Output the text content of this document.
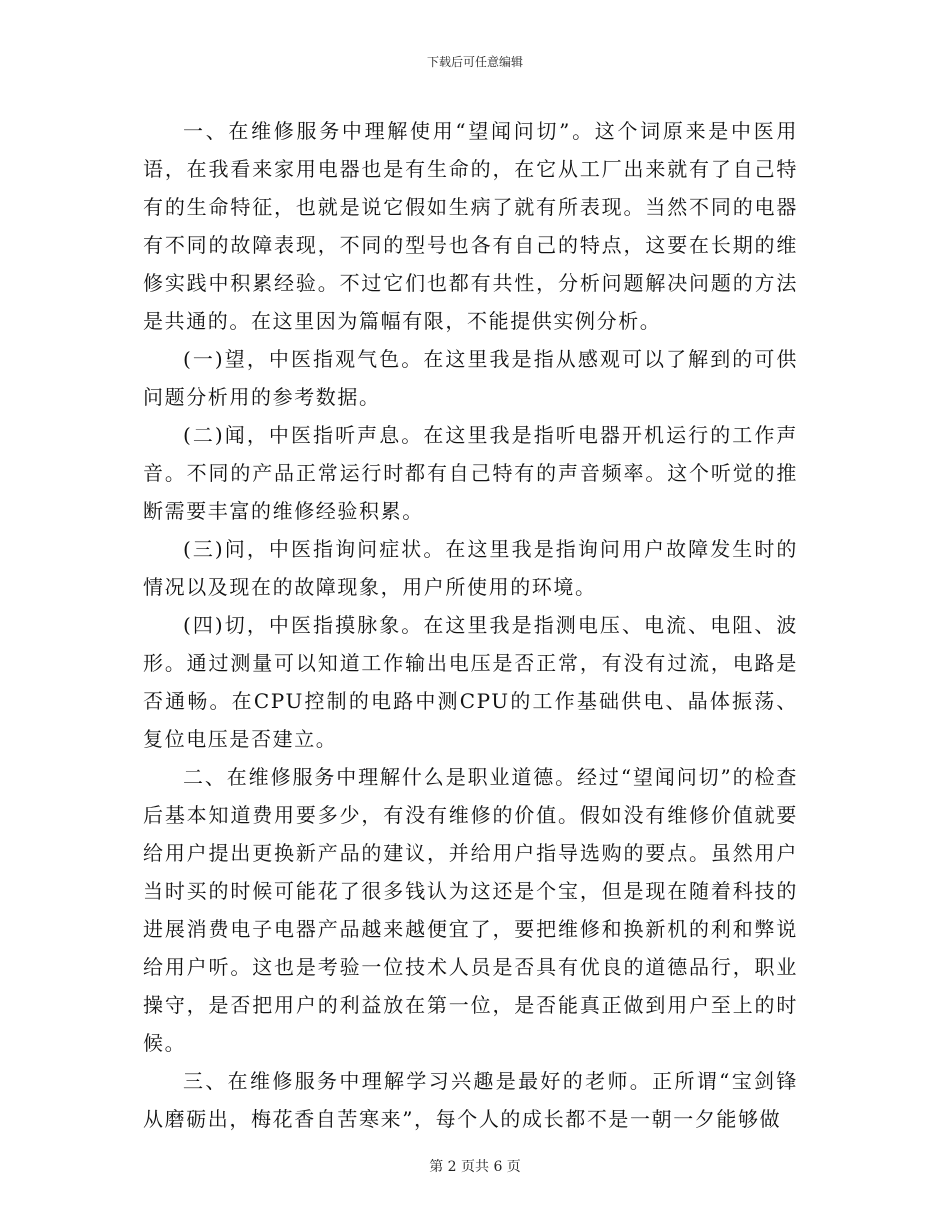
下载后可任意编辑

一、在维修服务中理解使用“望闻问切”。这个词原来是中医用语，在我看来家用电器也是有生命的，在它从工厂出来就有了自己特有的生命特征，也就是说它假如生病了就有所表现。当然不同的电器有不同的故障表现，不同的型号也各有自己的特点，这要在长期的维修实践中积累经验。不过它们也都有共性，分析问题解决问题的方法是共通的。在这里因为篇幅有限，不能提供实例分析。

(一)望，中医指观气色。在这里我是指从感观可以了解到的可供问题分析用的参考数据。

(二)闻，中医指听声息。在这里我是指听电器开机运行的工作声音。不同的产品正常运行时都有自己特有的声音频率。这个听觉的推断需要丰富的维修经验积累。

(三)问，中医指询问症状。在这里我是指询问用户故障发生时的情况以及现在的故障现象，用户所使用的环境。

(四)切，中医指摸脉象。在这里我是指测电压、电流、电阻、波形。通过测量可以知道工作输出电压是否正常，有没有过流，电路是否通畅。在CPU控制的电路中测CPU的工作基础供电、晶体振荡、复位电压是否建立。

二、在维修服务中理解什么是职业道德。经过“望闻问切”的检查后基本知道费用要多少，有没有维修的价值。假如没有维修价值就要给用户提出更换新产品的建议，并给用户指导选购的要点。虽然用户当时买的时候可能花了很多钱认为这还是个宝，但是现在随着科技的进展消费电子电器产品越来越便宜了，要把维修和换新机的利和弊说给用户听。这也是考验一位技术人员是否具有优良的道德品行，职业操守，是否把用户的利益放在第一位，是否能真正做到用户至上的时候。

三、在维修服务中理解学习兴趣是最好的老师。正所谓“宝剑锋从磨砺出，梅花香自苦寒来”，每个人的成长都不是一朝一夕能够做

第 2 页共 6 页
